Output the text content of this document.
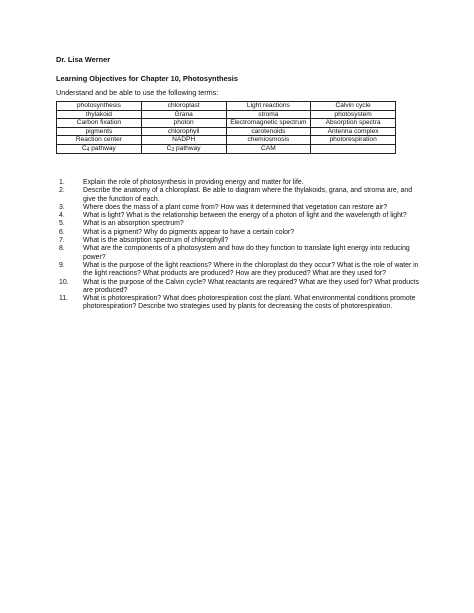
Dr. Lisa Werner
Learning Objectives for Chapter 10, Photosynthesis
Understand and be able to use the following terms:
photosynthesis	chloroplast	Light reactions	Calvin cycle
thylakoid	Grana	stroma	photosystem
Carbon fixation	photon	Electromagnetic spectrum	Absorption spectra
pigments	chlorophyll	carotenoids	Antenna complex
Reaction center	NADPH	chemiosmosis	photorespiration
$C_4$ pathway	$C_3$ pathway	CAM	
1.	Explain the role of photosynthesis in providing energy and matter for life.
2.	Describe the anatomy of a chloroplast. Be able to diagram where the thylakoids, grana, and stroma are, and give the function of each.
3.	Where does the mass of a plant come from? How was it determined that vegetation can restore air?
4.	What is light? What is the relationship between the energy of a photon of light and the wavelength of light?
5.	What is an absorption spectrum?
6.	What is a pigment? Why do pigments appear to have a certain color?
7.	What is the absorption spectrum of chlorophyll?
8.	What are the components of a photosystem and how do they function to translate light energy into reducing power?
9.	What is the purpose of the light reactions? Where in the chloroplast do they occur? What is the role of water in the light reactions? What products are produced? How are they produced? What are they used for?
10.	What is the purpose of the Calvin cycle? What reactants are required? What are they used for? What products are produced?
11.	What is photorespiration? What does photorespiration cost the plant. What environmental conditions promote photorespiration? Describe two strategies used by plants for decreasing the costs of photorespiration.
